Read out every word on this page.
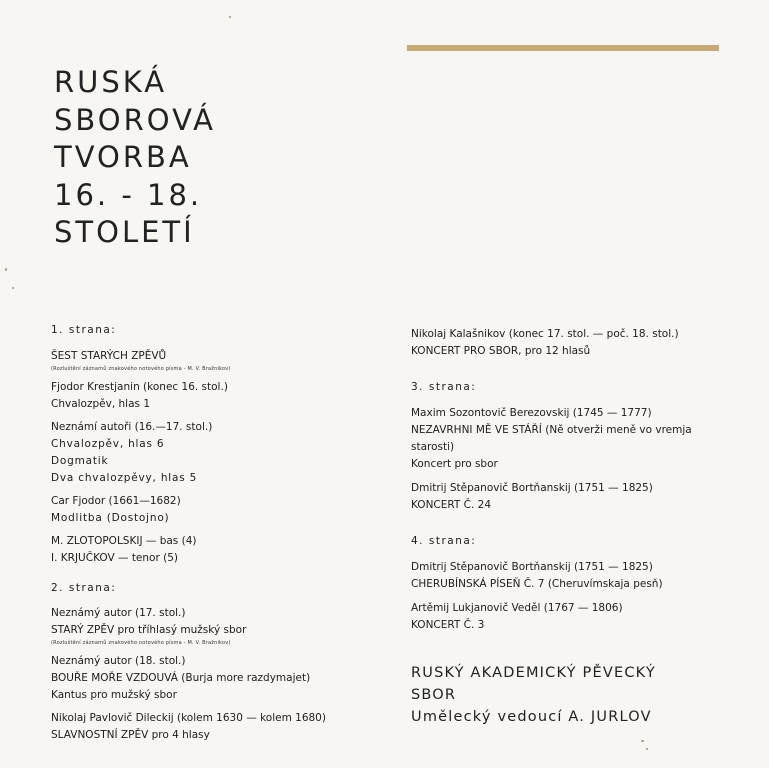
RUSKÁ
SBOROVÁ
TVORBA
16. - 18.
STOLETÍ
1. strana:
ŠEST STARÝCH ZPĚVŮ
(Rozluštění záznamů znakového notového písma - M. V. Bražnikov)
Fjodor Krestjanin (konec 16. stol.)
Chvalozpěv, hlas 1
Neznámí autoři (16.—17. stol.)
Chvalozpěv, hlas 6
Dogmatik
Dva chvalozpěvy, hlas 5
Car Fjodor (1661—1682)
Modlitba (Dostojno)
M. ZLOTOPOLSKIJ — bas (4)
I. KRJUČKOV — tenor (5)
2. strana:
Neznámý autor (17. stol.)
STARÝ ZPĚV pro tříhlasý mužský sbor
(Rozluštění záznamů znakového notového písma - M. V. Bražnikov)
Neznámý autor (18. stol.)
BOUŘE MOŘE VZDOUVÁ (Burja more razdymajet)
Kantus pro mužský sbor
Nikolaj Pavlovič Dileckij (kolem 1630 — kolem 1680)
SLAVNOSTNÍ ZPĚV pro 4 hlasy
Nikolaj Kalašnikov (konec 17. stol. — poč. 18. stol.)
KONCERT PRO SBOR, pro 12 hlasů
3. strana:
Maxim Sozontovič Berezovskij (1745 — 1777)
NEZAVRHNI MĚ VE STÁŘÍ (Ně otverži meně vo vremja starosti)
Koncert pro sbor
Dmitrij Stěpanovič Bortňanskij (1751 — 1825)
KONCERT Č. 24
4. strana:
Dmitrij Stěpanovič Bortňanskij (1751 — 1825)
CHERUBÍNSKÁ PÍSEŇ Č. 7 (Cheruvímskaja pesň)
Artěmij Lukjanovič Veděl (1767 — 1806)
KONCERT Č. 3
RUSKÝ AKADEMICKÝ PĚVECKÝ
SBOR
Umělecký vedoucí A. JURLOV
